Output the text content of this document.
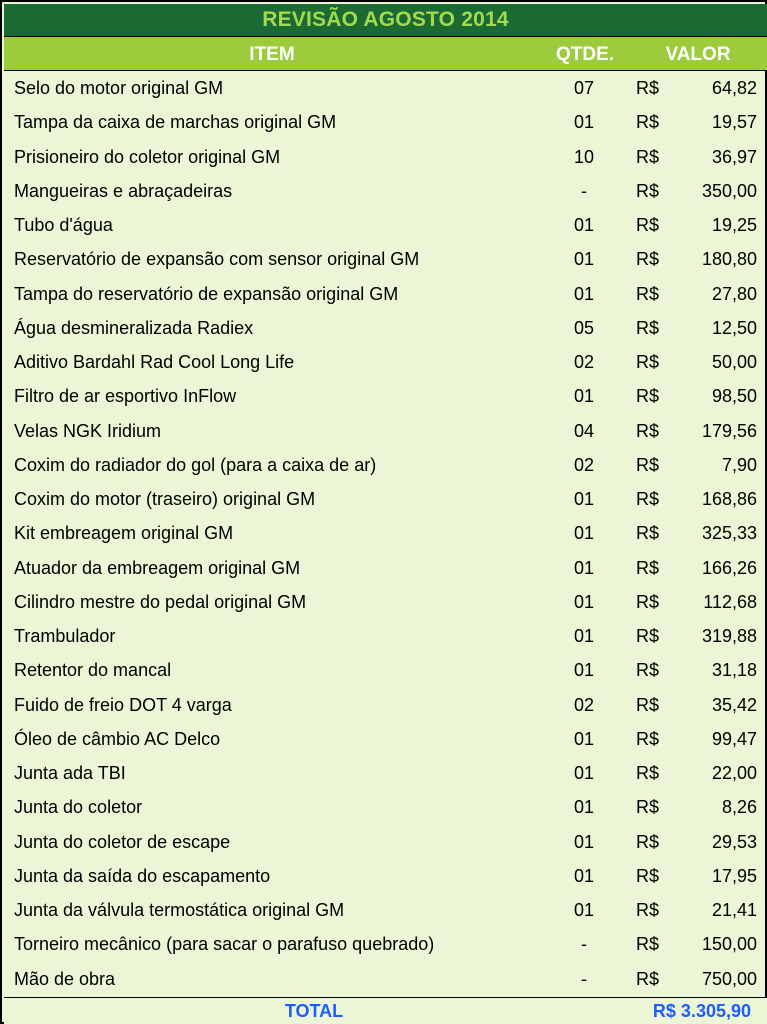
REVISÃO AGOSTO 2014
ITEM	QTDE.	VALOR
Selo do motor original GM	07	R$	64,82
Tampa da caixa de marchas original GM	01	R$	19,57
Prisioneiro do coletor original GM	10	R$	36,97
Mangueiras e abraçadeiras	-	R$ 350,00
Tubo d'água	01	R$	19,25
Reservatório de expansão com sensor original GM	01	R$ 180,80
Tampa do reservatório de expansão original GM	01	R$	27,80
Água desmineralizada Radiex	05	R$	12,50
Aditivo Bardahl Rad Cool Long Life	02	R$	50,00
Filtro de ar esportivo InFlow	01	R$	98,50
Velas NGK Iridium	04	R$ 179,56
Coxim do radiador do gol (para a caixa de ar)	02	R$	7,90
Coxim do motor (traseiro) original GM	01	R$ 168,86
Kit embreagem original GM	01	R$ 325,33
Atuador da embreagem original GM	01	R$ 166,26
Cilindro mestre do pedal original GM	01	R$ 112,68
Trambulador	01	R$ 319,88
Retentor do mancal	01	R$	31,18
Fuido de freio DOT 4 varga	02	R$	35,42
Óleo de câmbio AC Delco	01	R$	99,47
Junta ada TBI	01	R$	22,00
Junta do coletor	01	R$	8,26
Junta do coletor de escape	01	R$	29,53
Junta da saída do escapamento	01	R$	17,95
Junta da válvula termostática original GM	01	R$	21,41
Torneiro mecânico (para sacar o parafuso quebrado)	-	R$ 150,00
Mão de obra	-	R$ 750,00
TOTAL	R$ 3.305,90
